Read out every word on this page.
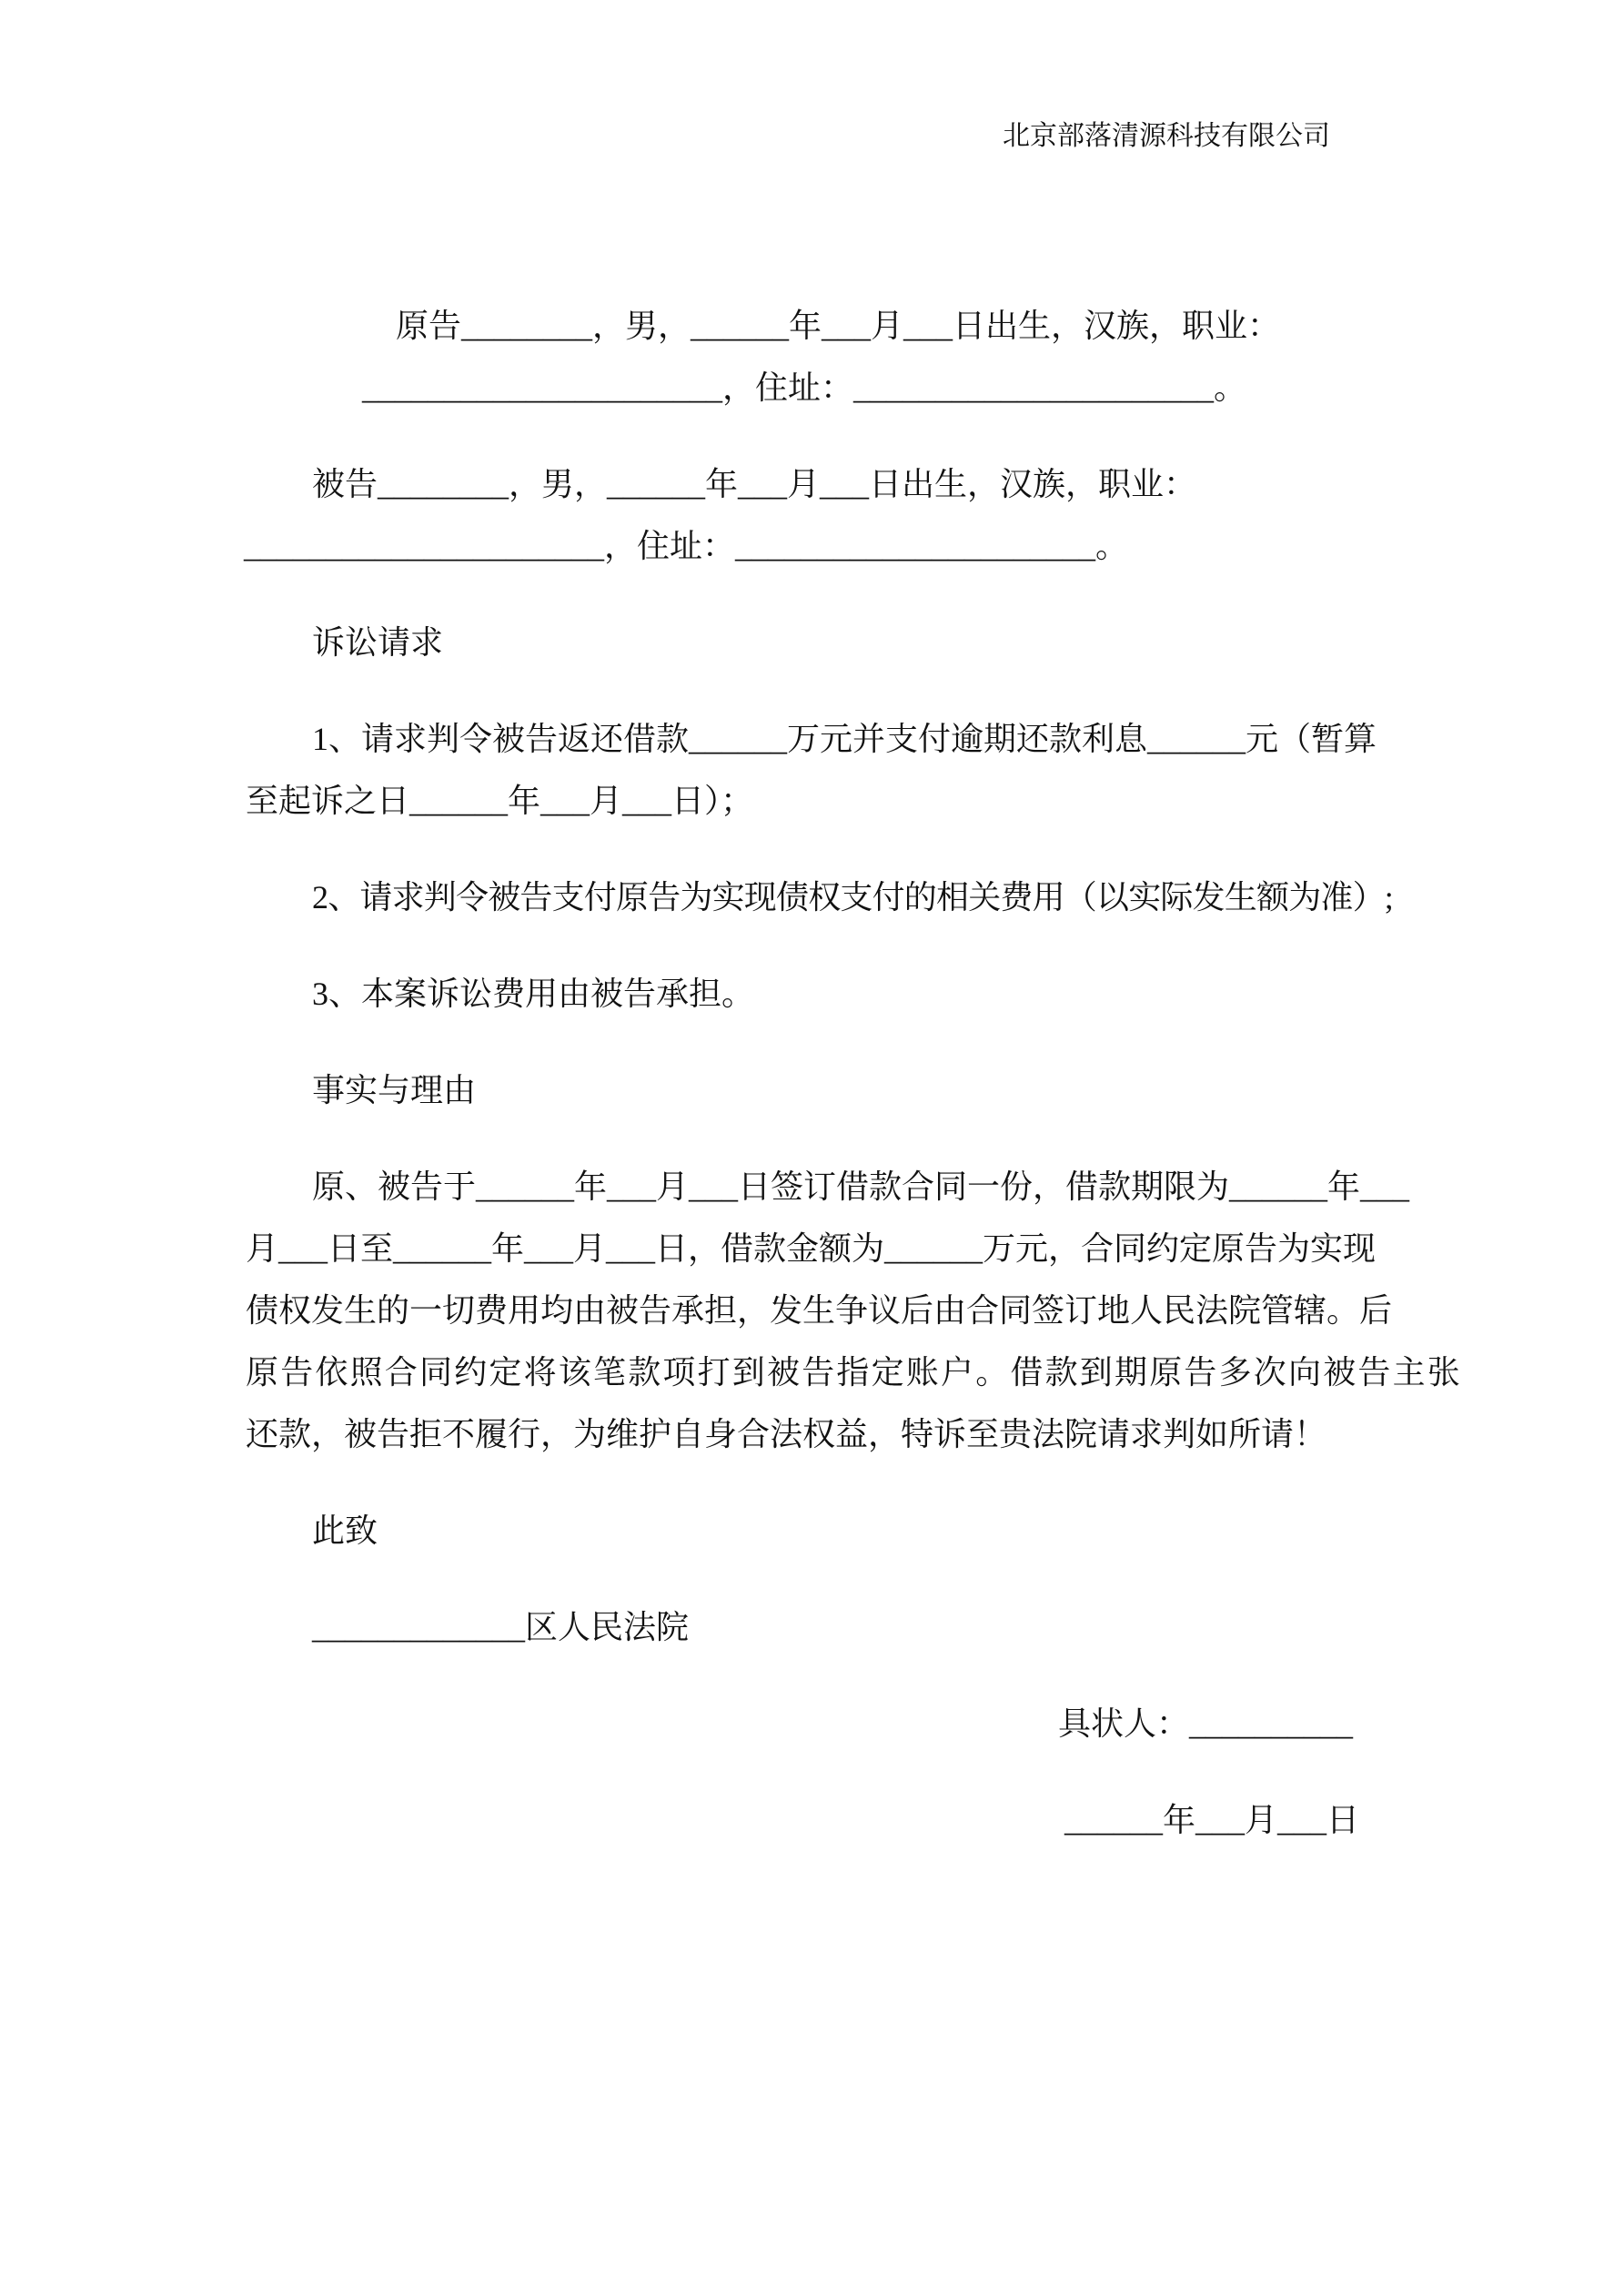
北京部落清源科技有限公司
原告________，男，______年___月___日出生，汉族，职业：
______________________，住址：______________________。
被告________，男，______年___月___日出生，汉族，职业：
______________________，住址：______________________。
诉讼请求
1、请求判令被告返还借款______万元并支付逾期还款利息______元（暂算
至起诉之日______年___月___日）；
2、请求判令被告支付原告为实现债权支付的相关费用（以实际发生额为准）;
3、本案诉讼费用由被告承担。
事实与理由
原、被告于______年___月___日签订借款合同一份，借款期限为______年___
月___日至______年___月___日，借款金额为______万元，合同约定原告为实现
债权发生的一切费用均由被告承担，发生争议后由合同签订地人民法院管辖。后
原告依照合同约定将该笔款项打到被告指定账户。借款到期原告多次向被告主张
还款，被告拒不履行，为维护自身合法权益，特诉至贵法院请求判如所请！
此致
_____________区人民法院
具状人：__________
______年___月___日
